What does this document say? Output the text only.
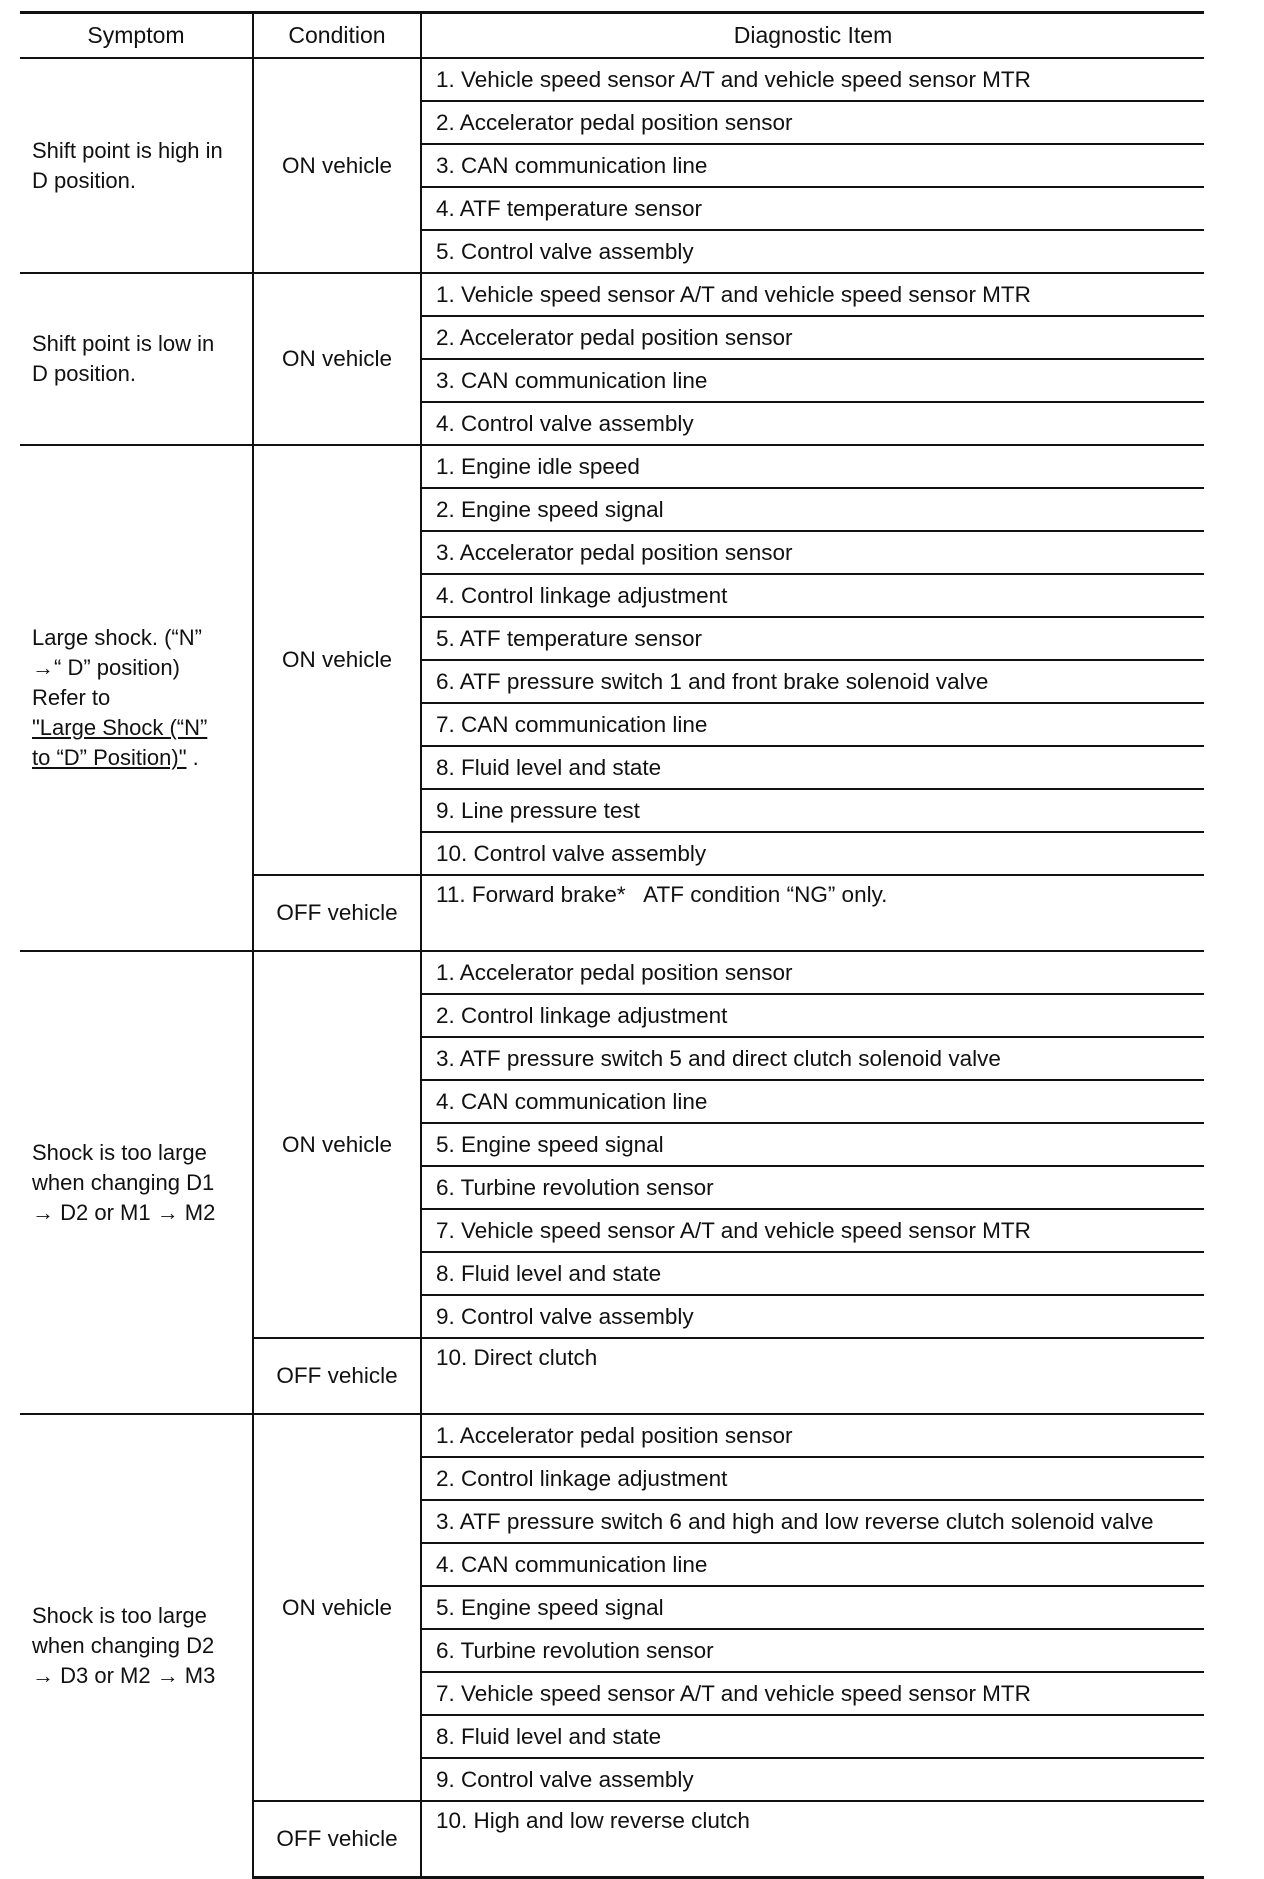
Symptom	Condition	Diagnostic Item

Shift point is high in
D position.	ON vehicle	1. Vehicle speed sensor A/T and vehicle speed sensor MTR
		2. Accelerator pedal position sensor
		3. CAN communication line
		4. ATF temperature sensor
		5. Control valve assembly

Shift point is low in
D position.	ON vehicle	1. Vehicle speed sensor A/T and vehicle speed sensor MTR
		2. Accelerator pedal position sensor
		3. CAN communication line
		4. Control valve assembly

Large shock. (“N”
→“ D” position)
Refer to
"Large Shock (“N”
to “D” Position)" .	ON vehicle	1. Engine idle speed
		2. Engine speed signal
		3. Accelerator pedal position sensor
		4. Control linkage adjustment
		5. ATF temperature sensor
		6. ATF pressure switch 1 and front brake solenoid valve
		7. CAN communication line
		8. Fluid level and state
		9. Line pressure test
		10. Control valve assembly
	OFF vehicle	11. Forward brake*   ATF condition “NG” only.

Shock is too large
when changing D1
→ D2 or M1 → M2	ON vehicle	1. Accelerator pedal position sensor
		2. Control linkage adjustment
		3. ATF pressure switch 5 and direct clutch solenoid valve
		4. CAN communication line
		5. Engine speed signal
		6. Turbine revolution sensor
		7. Vehicle speed sensor A/T and vehicle speed sensor MTR
		8. Fluid level and state
		9. Control valve assembly
	OFF vehicle	10. Direct clutch

Shock is too large
when changing D2
→ D3 or M2 → M3	ON vehicle	1. Accelerator pedal position sensor
		2. Control linkage adjustment
		3. ATF pressure switch 6 and high and low reverse clutch solenoid valve
		4. CAN communication line
		5. Engine speed signal
		6. Turbine revolution sensor
		7. Vehicle speed sensor A/T and vehicle speed sensor MTR
		8. Fluid level and state
		9. Control valve assembly
	OFF vehicle	10. High and low reverse clutch
